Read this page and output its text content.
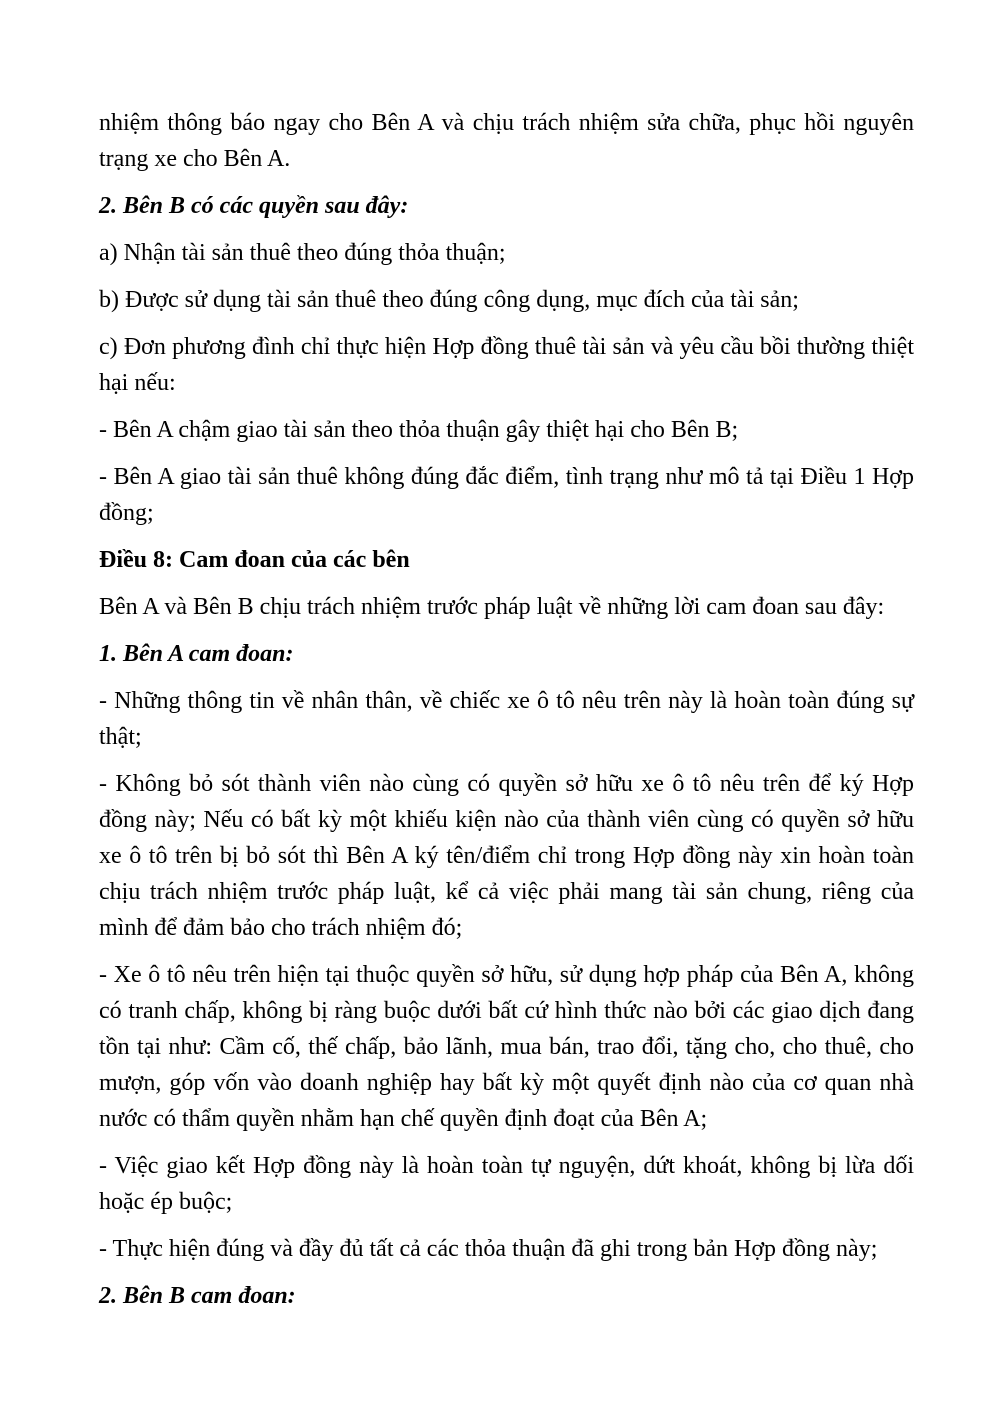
nhiệm thông báo ngay cho Bên A và chịu trách nhiệm sửa chữa, phục hồi nguyên trạng xe cho Bên A.

2. Bên B có các quyền sau đây:

a) Nhận tài sản thuê theo đúng thỏa thuận;

b) Được sử dụng tài sản thuê theo đúng công dụng, mục đích của tài sản;

c) Đơn phương đình chỉ thực hiện Hợp đồng thuê tài sản và yêu cầu bồi thường thiệt hại nếu:

- Bên A chậm giao tài sản theo thỏa thuận gây thiệt hại cho Bên B;

- Bên A giao tài sản thuê không đúng đắc điểm, tình trạng như mô tả tại Điều 1 Hợp đồng;

Điều 8: Cam đoan của các bên

Bên A và Bên B chịu trách nhiệm trước pháp luật về những lời cam đoan sau đây:

1. Bên A cam đoan:

- Những thông tin về nhân thân, về chiếc xe ô tô nêu trên này là hoàn toàn đúng sự thật;

- Không bỏ sót thành viên nào cùng có quyền sở hữu xe ô tô nêu trên để ký Hợp đồng này; Nếu có bất kỳ một khiếu kiện nào của thành viên cùng có quyền sở hữu xe ô tô trên bị bỏ sót thì Bên A ký tên/điểm chỉ trong Hợp đồng này xin hoàn toàn chịu trách nhiệm trước pháp luật, kể cả việc phải mang tài sản chung, riêng của mình để đảm bảo cho trách nhiệm đó;

- Xe ô tô nêu trên hiện tại thuộc quyền sở hữu, sử dụng hợp pháp của Bên A, không có tranh chấp, không bị ràng buộc dưới bất cứ hình thức nào bởi các giao dịch đang tồn tại như: Cầm cố, thế chấp, bảo lãnh, mua bán, trao đổi, tặng cho, cho thuê, cho mượn, góp vốn vào doanh nghiệp hay bất kỳ một quyết định nào của cơ quan nhà nước có thẩm quyền nhằm hạn chế quyền định đoạt của Bên A;

- Việc giao kết Hợp đồng này là hoàn toàn tự nguyện, dứt khoát, không bị lừa dối hoặc ép buộc;

- Thực hiện đúng và đầy đủ tất cả các thỏa thuận đã ghi trong bản Hợp đồng này;

2. Bên B cam đoan:
